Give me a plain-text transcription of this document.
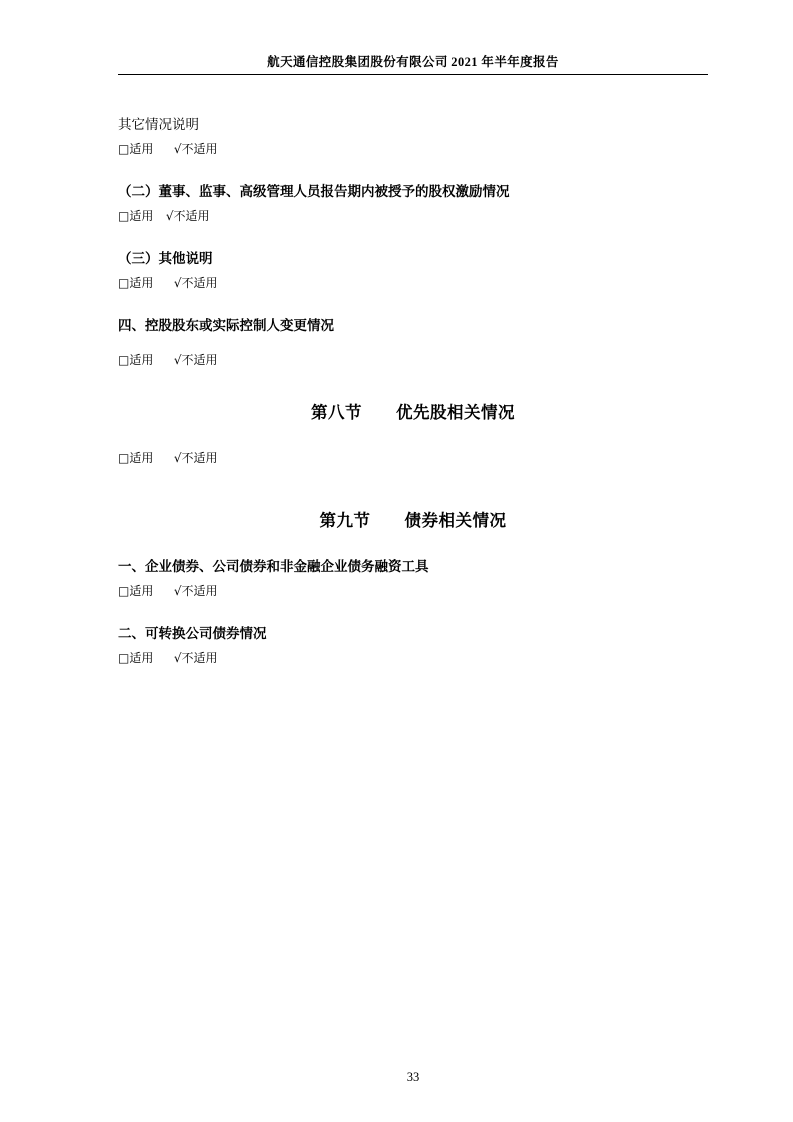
航天通信控股集团股份有限公司 2021 年半年度报告
其它情况说明
□适用 √不适用
（二）董事、监事、高级管理人员报告期内被授予的股权激励情况
□适用 √不适用
（三）其他说明
□适用 √不适用
四、控股股东或实际控制人变更情况
□适用 √不适用
第八节 优先股相关情况
□适用 √不适用
第九节 债券相关情况
一、企业债券、公司债券和非金融企业债务融资工具
□适用 √不适用
二、可转换公司债券情况
□适用 √不适用
33
